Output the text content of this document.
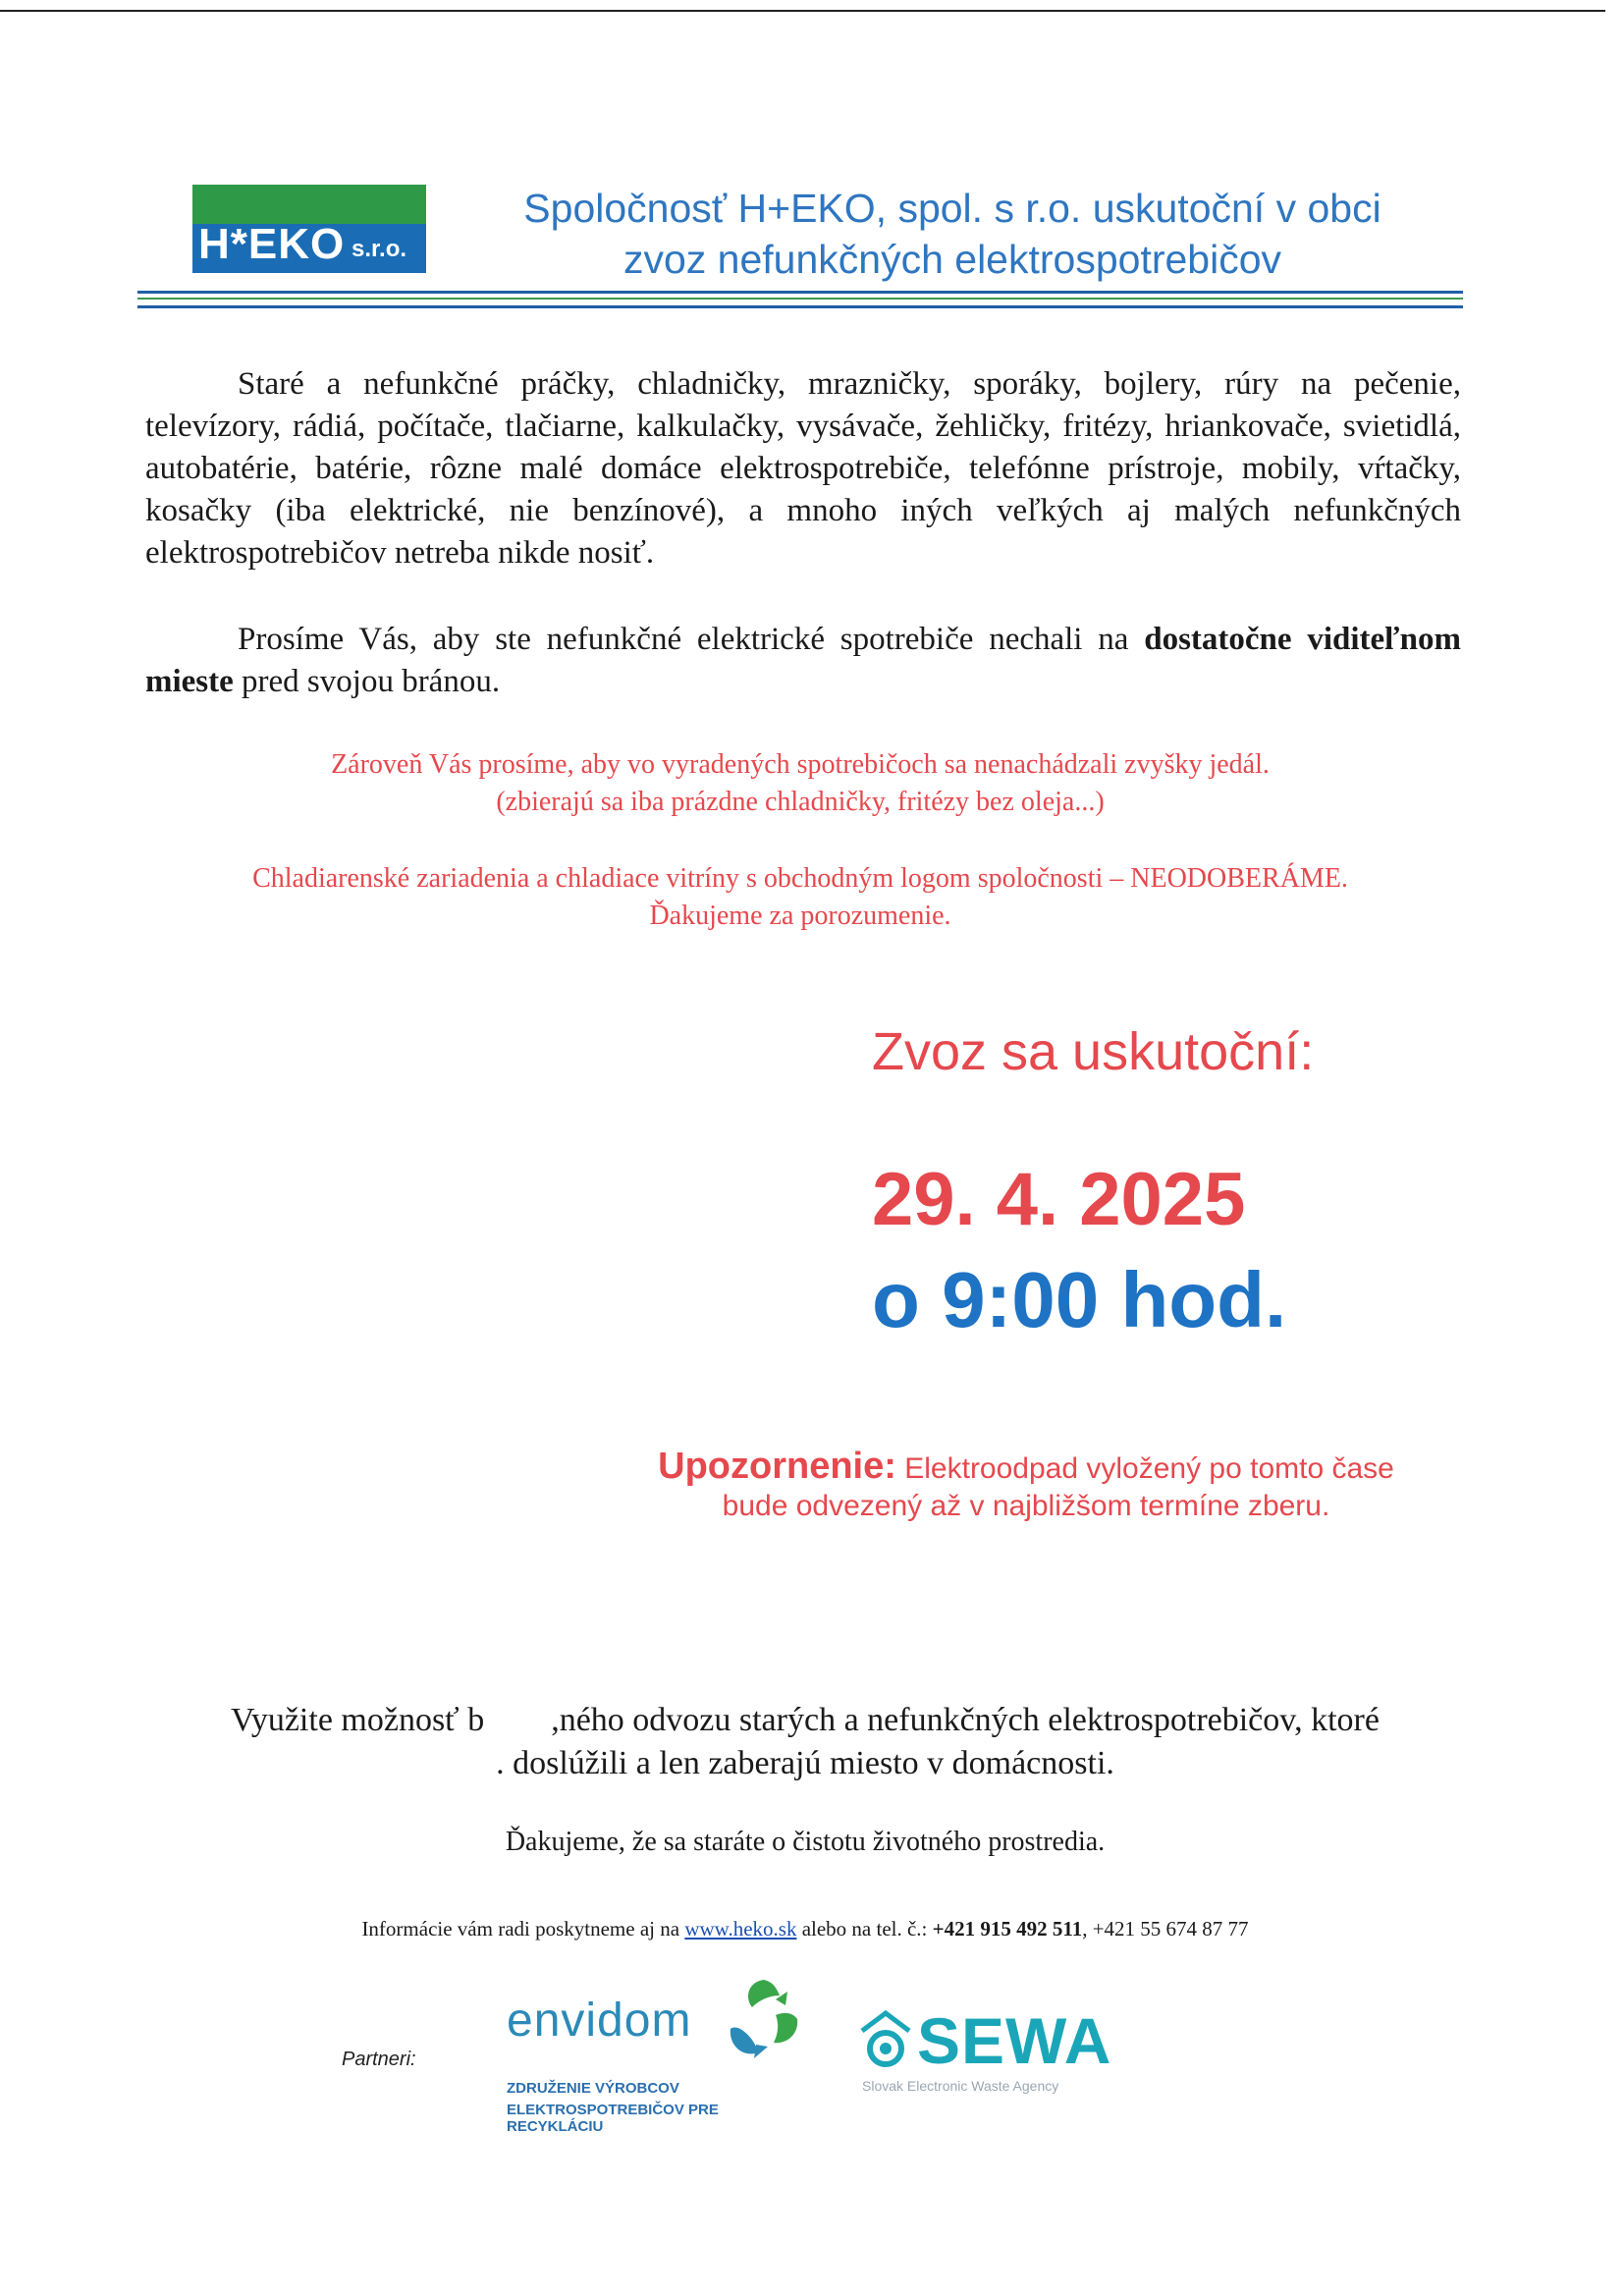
H*EKO s.r.o.
Spoločnosť H+EKO, spol. s r.o. uskutoční v obci
zvoz nefunkčných elektrospotrebičov
Staré a nefunkčné práčky, chladničky, mrazničky, sporáky, bojlery, rúry na pečenie, televízory, rádiá, počítače, tlačiarne, kalkulačky, vysávače, žehličky, fritézy, hriankovače, svietidlá, autobatérie, batérie, rôzne malé domáce elektrospotrebiče, telefónne prístroje, mobily, vŕtačky, kosačky (iba elektrické, nie benzínové), a mnoho iných veľkých aj malých nefunkčných elektrospotrebičov netreba nikde nosiť.
Prosíme Vás, aby ste nefunkčné elektrické spotrebiče nechali na dostatočne viditeľnom mieste pred svojou bránou.
Zároveň Vás prosíme, aby vo vyradených spotrebičoch sa nenachádzali zvyšky jedál.
(zbierajú sa iba prázdne chladničky, fritézy bez oleja...)
Chladiarenské zariadenia a chladiace vitríny s obchodným logom spoločnosti – NEODOBERÁME.
Ďakujeme za porozumenie.
Zvoz sa uskutoční:
29. 4. 2025
o 9:00 hod.
Upozornenie: Elektroodpad vyložený po tomto čase
bude odvezený až v najbližšom termíne zberu.
Využite možnosť b        ,ného odvozu starých a nefunkčných elektrospotrebičov, ktoré
. doslúžili a len zaberajú miesto v domácnosti.
Ďakujeme, že sa staráte o čistotu životného prostredia.
Informácie vám radi poskytneme aj na www.heko.sk alebo na tel. č.: +421 915 492 511, +421 55 674 87 77
Partneri:
envidom
ZDRUŽENIE VÝROBCOV
ELEKTROSPOTREBIČOV PRE RECYKLÁCIU
SEWA
Slovak Electronic Waste Agency
